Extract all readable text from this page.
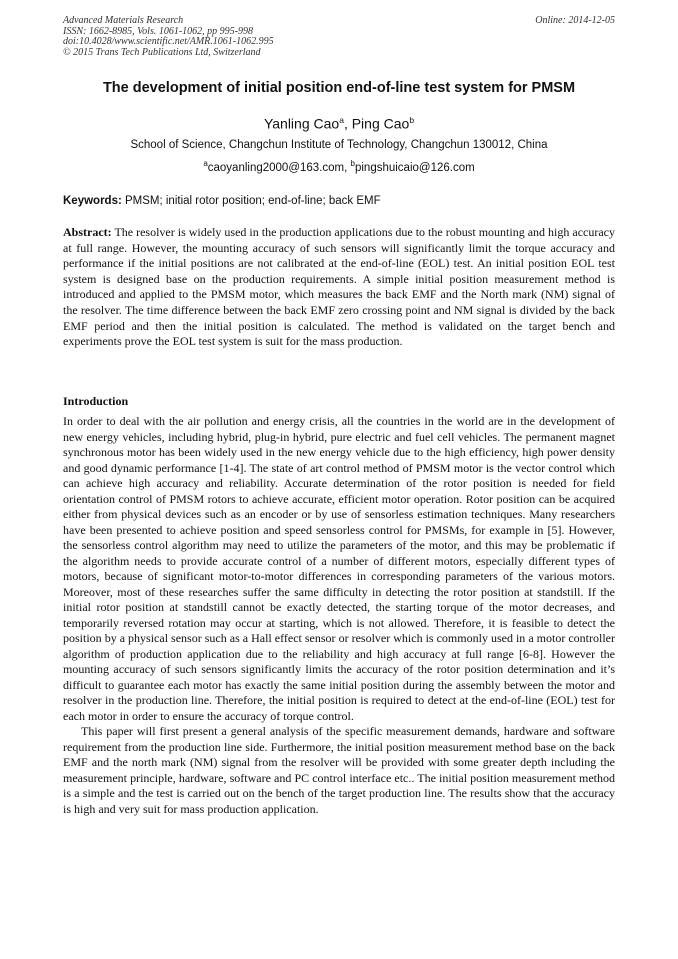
Advanced Materials Research
ISSN: 1662-8985, Vols. 1061-1062, pp 995-998
doi:10.4028/www.scientific.net/AMR.1061-1062.995
© 2015 Trans Tech Publications Ltd, Switzerland
Online: 2014-12-05
The development of initial position end-of-line test system for PMSM
Yanling Cao$^a$, Ping Cao$^b$
School of Science, Changchun Institute of Technology, Changchun 130012, China
$^a$caoyanling2000@163.com, $^b$pingshuicaio@126.com
Keywords: PMSM; initial rotor position; end-of-line; back EMF

Abstract: The resolver is widely used in the production applications due to the robust mounting and high accuracy at full range. However, the mounting accuracy of such sensors will significantly limit the torque accuracy and performance if the initial positions are not calibrated at the end-of-line (EOL) test. An initial position EOL test system is designed base on the production requirements. A simple initial position measurement method is introduced and applied to the PMSM motor, which measures the back EMF and the North mark (NM) signal of the resolver. The time difference between the back EMF zero crossing point and NM signal is divided by the back EMF period and then the initial position is calculated. The method is validated on the target bench and experiments prove the EOL test system is suit for the mass production.

Introduction

In order to deal with the air pollution and energy crisis, all the countries in the world are in the development of new energy vehicles, including hybrid, plug-in hybrid, pure electric and fuel cell vehicles. The permanent magnet synchronous motor has been widely used in the new energy vehicle due to the high efficiency, high power density and good dynamic performance [1-4]. The state of art control method of PMSM motor is the vector control which can achieve high accuracy and reliability. Accurate determination of the rotor position is needed for field orientation control of PMSM rotors to achieve accurate, efficient motor operation. Rotor position can be acquired either from physical devices such as an encoder or by use of sensorless estimation techniques. Many researchers have been presented to achieve position and speed sensorless control for PMSMs, for example in [5]. However, the sensorless control algorithm may need to utilize the parameters of the motor, and this may be problematic if the algorithm needs to provide accurate control of a number of different motors, especially different types of motors, because of significant motor-to-motor differences in corresponding parameters of the various motors. Moreover, most of these researches suffer the same difficulty in detecting the rotor position at standstill. If the initial rotor position at standstill cannot be exactly detected, the starting torque of the motor decreases, and temporarily reversed rotation may occur at starting, which is not allowed. Therefore, it is feasible to detect the position by a physical sensor such as a Hall effect sensor or resolver which is commonly used in a motor controller algorithm of production application due to the reliability and high accuracy at full range [6-8]. However the mounting accuracy of such sensors significantly limits the accuracy of the rotor position determination and it’s difficult to guarantee each motor has exactly the same initial position during the assembly between the motor and resolver in the production line. Therefore, the initial position is required to detect at the end-of-line (EOL) test for each motor in order to ensure the accuracy of torque control.

This paper will first present a general analysis of the specific measurement demands, hardware and software requirement from the production line side. Furthermore, the initial position measurement method base on the back EMF and the north mark (NM) signal from the resolver will be provided with some greater depth including the measurement principle, hardware, software and PC control interface etc.. The initial position measurement method is a simple and the test is carried out on the bench of the target production line. The results show that the accuracy is high and very suit for mass production application.
